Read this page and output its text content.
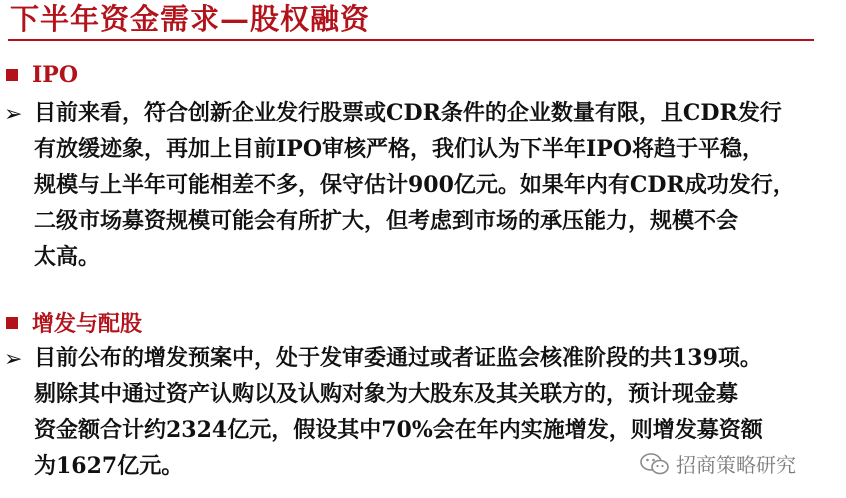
下半年资金需求—股权融资
IPO
➢ 目前来看，符合创新企业发行股票或CDR条件的企业数量有限，且CDR发行
有放缓迹象，再加上目前IPO审核严格，我们认为下半年IPO将趋于平稳，
规模与上半年可能相差不多，保守估计900亿元。如果年内有CDR成功发行，
二级市场募资规模可能会有所扩大，但考虑到市场的承压能力，规模不会
太高。
增发与配股
➢ 目前公布的增发预案中，处于发审委通过或者证监会核准阶段的共139项。
剔除其中通过资产认购以及认购对象为大股东及其关联方的，预计现金募
资金额合计约2324亿元，假设其中70%会在年内实施增发，则增发募资额
为1627亿元。	招商策略研究
